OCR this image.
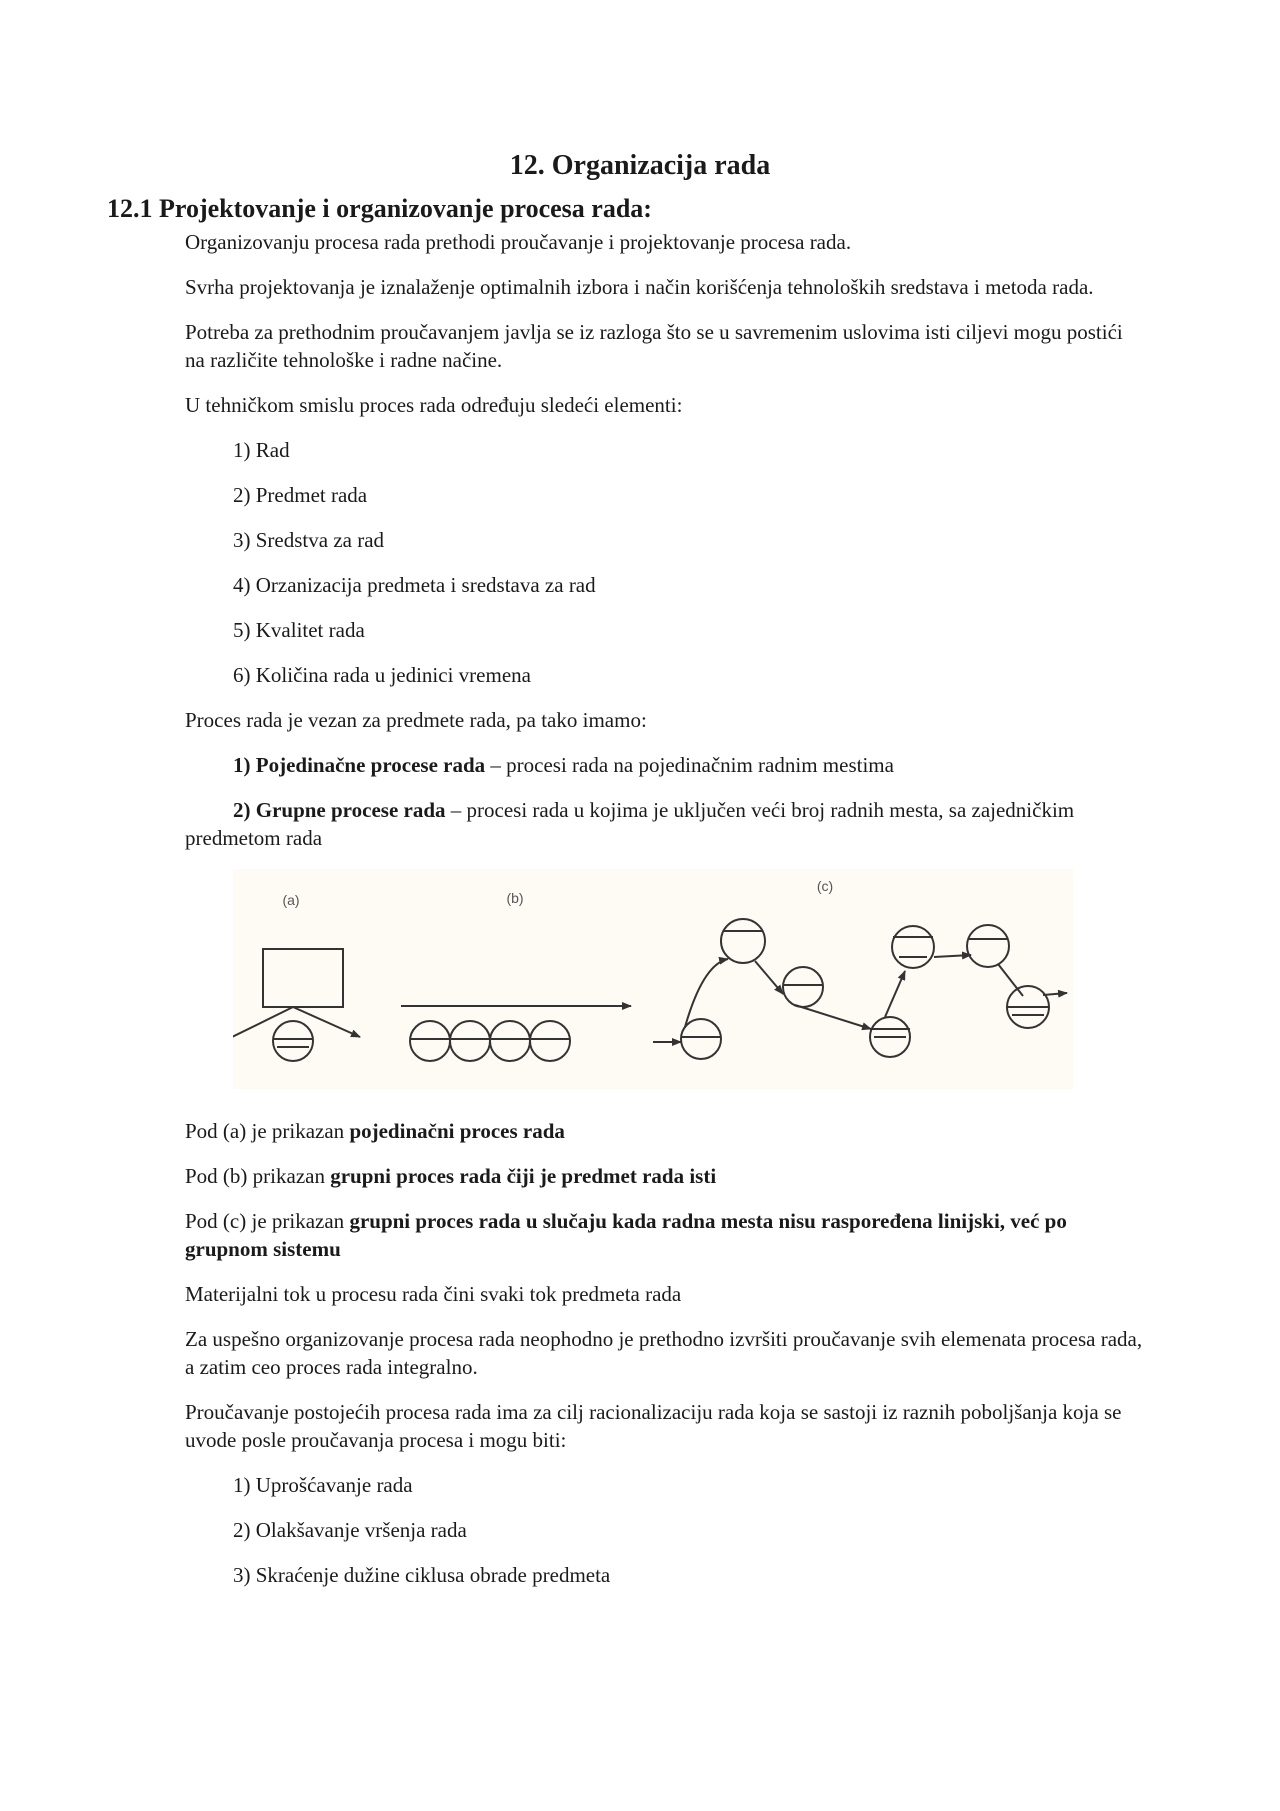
12. Organizacija rada
12.1 Projektovanje i organizovanje procesa rada:

Organizovanju procesa rada prethodi proučavanje i projektovanje procesa rada.

Svrha projektovanja je iznalaženje optimalnih izbora i način korišćenja tehnoloških sredstava i metoda rada.

Potreba za prethodnim proučavanjem javlja se iz razloga što se u savremenim uslovima isti ciljevi mogu postići na različite tehnološke i radne načine.

U tehničkom smislu proces rada određuju sledeći elementi:

1) Rad

2) Predmet rada

3) Sredstva za rad

4) Orzanizacija predmeta i sredstava za rad

5) Kvalitet rada

6) Količina rada u jedinici vremena

Proces rada je vezan za predmete rada, pa tako imamo:

1) Pojedinačne procese rada – procesi rada na pojedinačnim radnim mestima

2) Grupne procese rada – procesi rada u kojima je uključen veći broj radnih mesta, sa zajedničkim predmetom rada

(a)	(b)
(c)

Pod (a) je prikazan pojedinačni proces rada

Pod (b) prikazan grupni proces rada čiji je predmet rada isti

Pod (c) je prikazan grupni proces rada u slučaju kada radna mesta nisu raspoređena linijski, već po grupnom sistemu

Materijalni tok u procesu rada čini svaki tok predmeta rada

Za uspešno organizovanje procesa rada neophodno je prethodno izvršiti proučavanje svih elemenata procesa rada, a zatim ceo proces rada integralno.

Proučavanje postojećih procesa rada ima za cilj racionalizaciju rada koja se sastoji iz raznih poboljšanja koja se uvode posle proučavanja procesa i mogu biti:

1) Uprošćavanje rada

2) Olakšavanje vršenja rada

3) Skraćenje dužine ciklusa obrade predmeta
